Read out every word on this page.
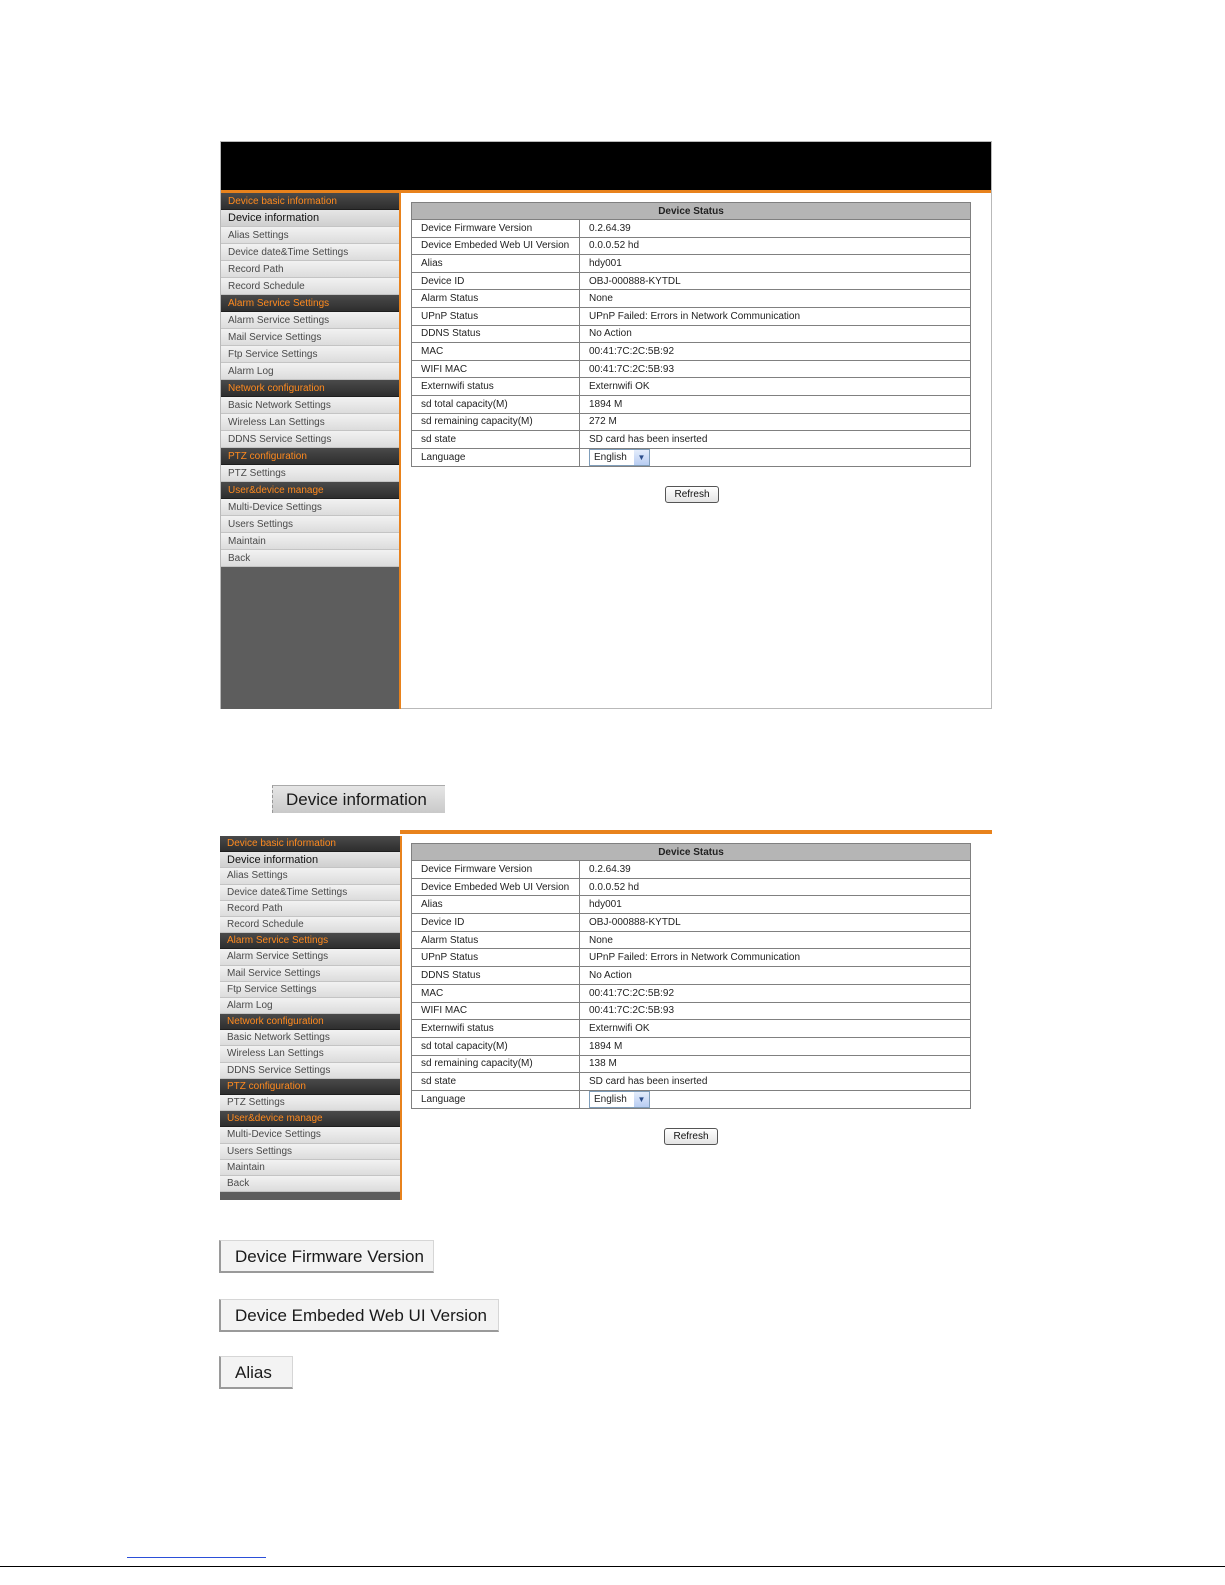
Device basic information
Device information
Alias Settings
Device date&Time Settings
Record Path
Record Schedule
Alarm Service Settings
Alarm Service Settings
Mail Service Settings
Ftp Service Settings
Alarm Log
Network configuration
Basic Network Settings
Wireless Lan Settings
DDNS Service Settings
PTZ configuration
PTZ Settings
User&device manage
Multi-Device Settings
Users Settings
Maintain
Back
Device Status	
Device Firmware Version	0.2.64.39
Device Embeded Web UI Version	0.0.0.52 hd
Alias	hdy001
Device ID	OBJ-000888-KYTDL
Alarm Status	None
UPnP Status	UPnP Failed: Errors in Network Communication
DDNS Status	No Action
MAC	00:41:7C:2C:5B:92
WIFI MAC	00:41:7C:2C:5B:93
Externwifi status	Externwifi OK
sd total capacity(M)	1894 M
sd remaining capacity(M)	272 M
sd state	SD card has been inserted
Language	English ▼
Refresh
Device information
Device basic information
Device information
Alias Settings
Device date&Time Settings
Record Path
Record Schedule
Alarm Service Settings
Alarm Service Settings
Mail Service Settings
Ftp Service Settings
Alarm Log
Network configuration
Basic Network Settings
Wireless Lan Settings
DDNS Service Settings
PTZ configuration
PTZ Settings
User&device manage
Multi-Device Settings
Users Settings
Maintain
Back
Device Status	
Device Firmware Version	0.2.64.39
Device Embeded Web UI Version	0.0.0.52 hd
Alias	hdy001
Device ID	OBJ-000888-KYTDL
Alarm Status	None
UPnP Status	UPnP Failed: Errors in Network Communication
DDNS Status	No Action
MAC	00:41:7C:2C:5B:92
WIFI MAC	00:41:7C:2C:5B:93
Externwifi status	Externwifi OK
sd total capacity(M)	1894 M
sd remaining capacity(M)	138 M
sd state	SD card has been inserted
Language	English ▼
Refresh
Device Firmware Version
Device Embeded Web UI Version
Alias
